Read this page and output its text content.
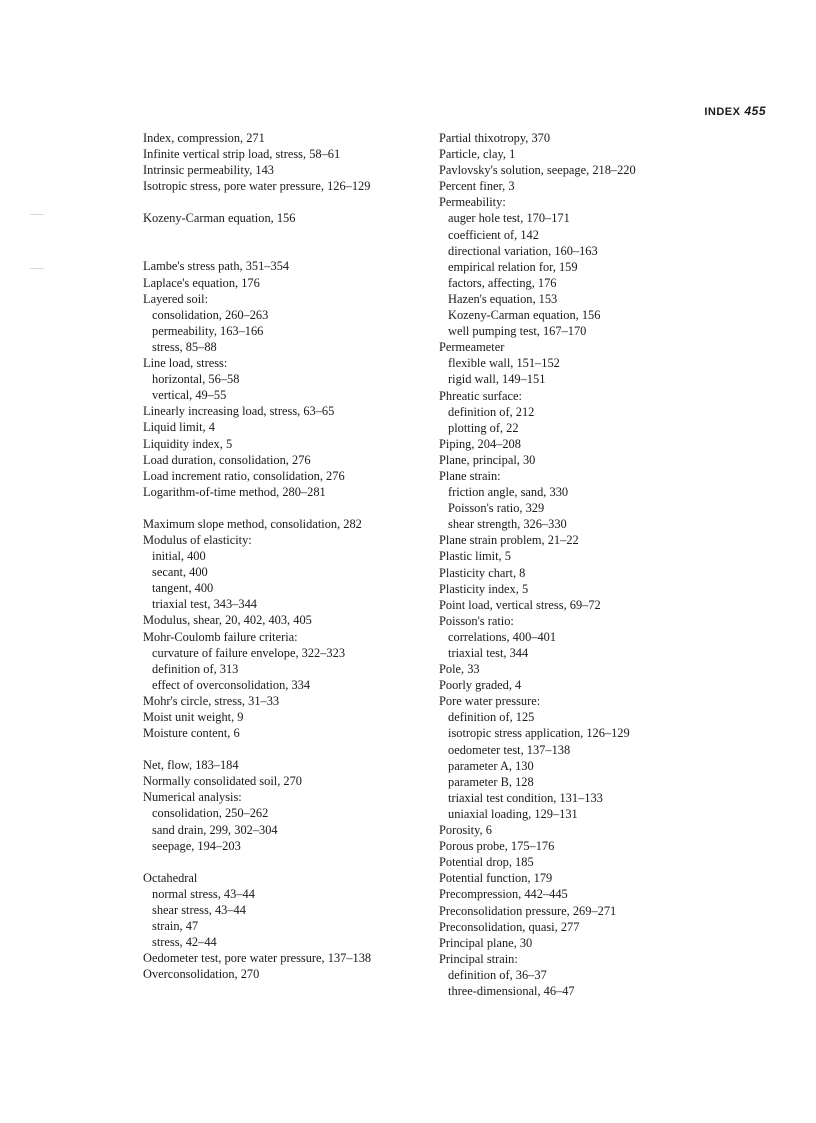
INDEX 455
Index, compression, 271
Infinite vertical strip load, stress, 58–61
Intrinsic permeability, 143
Isotropic stress, pore water pressure, 126–129
Kozeny-Carman equation, 156
Lambe's stress path, 351–354
Laplace's equation, 176
Layered soil:
consolidation, 260–263
permeability, 163–166
stress, 85–88
Line load, stress:
horizontal, 56–58
vertical, 49–55
Linearly increasing load, stress, 63–65
Liquid limit, 4
Liquidity index, 5
Load duration, consolidation, 276
Load increment ratio, consolidation, 276
Logarithm-of-time method, 280–281
Maximum slope method, consolidation, 282
Modulus of elasticity:
initial, 400
secant, 400
tangent, 400
triaxial test, 343–344
Modulus, shear, 20, 402, 403, 405
Mohr-Coulomb failure criteria:
curvature of failure envelope, 322–323
definition of, 313
effect of overconsolidation, 334
Mohr's circle, stress, 31–33
Moist unit weight, 9
Moisture content, 6
Net, flow, 183–184
Normally consolidated soil, 270
Numerical analysis:
consolidation, 250–262
sand drain, 299, 302–304
seepage, 194–203
Octahedral
normal stress, 43–44
shear stress, 43–44
strain, 47
stress, 42–44
Oedometer test, pore water pressure, 137–138
Overconsolidation, 270
Partial thixotropy, 370
Particle, clay, 1
Pavlovsky's solution, seepage, 218–220
Percent finer, 3
Permeability:
auger hole test, 170–171
coefficient of, 142
directional variation, 160–163
empirical relation for, 159
factors, affecting, 176
Hazen's equation, 153
Kozeny-Carman equation, 156
well pumping test, 167–170
Permeameter
flexible wall, 151–152
rigid wall, 149–151
Phreatic surface:
definition of, 212
plotting of, 22
Piping, 204–208
Plane, principal, 30
Plane strain:
friction angle, sand, 330
Poisson's ratio, 329
shear strength, 326–330
Plane strain problem, 21–22
Plastic limit, 5
Plasticity chart, 8
Plasticity index, 5
Point load, vertical stress, 69–72
Poisson's ratio:
correlations, 400–401
triaxial test, 344
Pole, 33
Poorly graded, 4
Pore water pressure:
definition of, 125
isotropic stress application, 126–129
oedometer test, 137–138
parameter A, 130
parameter B, 128
triaxial test condition, 131–133
uniaxial loading, 129–131
Porosity, 6
Porous probe, 175–176
Potential drop, 185
Potential function, 179
Precompression, 442–445
Preconsolidation pressure, 269–271
Preconsolidation, quasi, 277
Principal plane, 30
Principal strain:
definition of, 36–37
three-dimensional, 46–47
